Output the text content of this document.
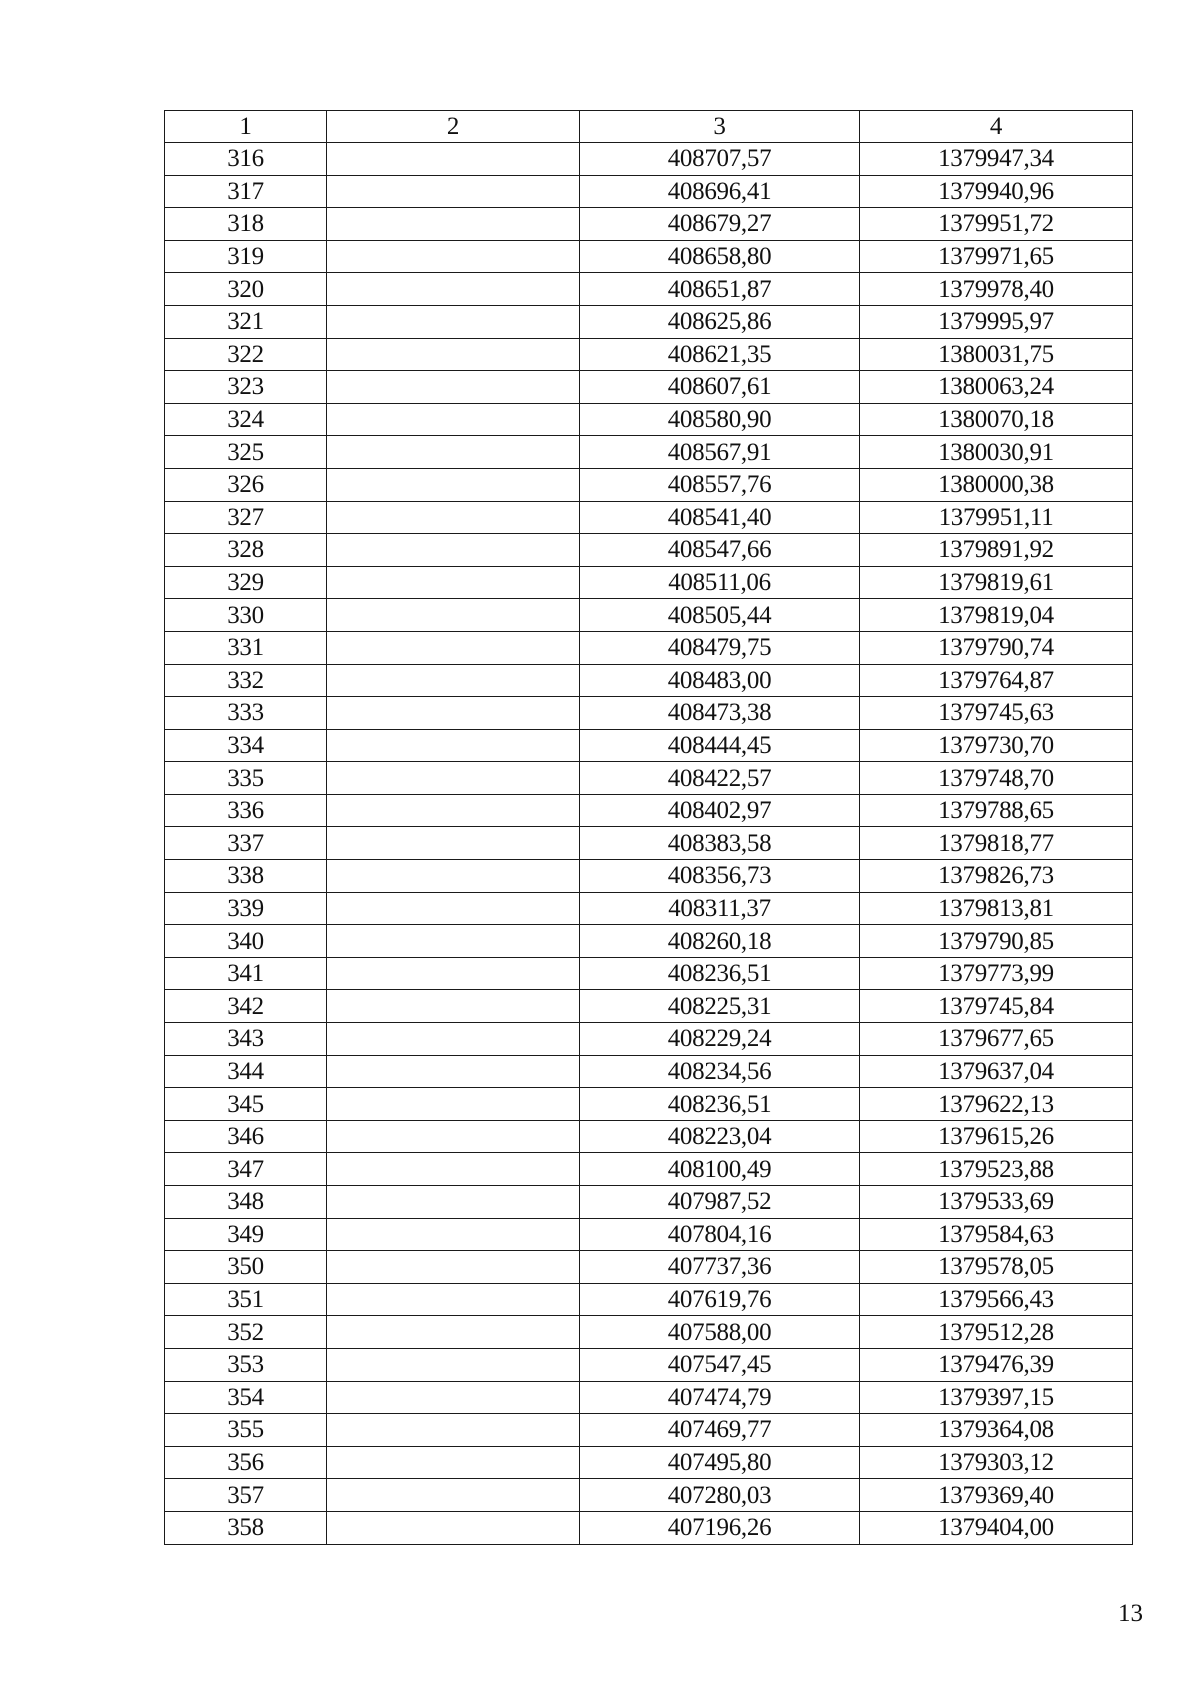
1	2	3	4
316		408707,57	1379947,34
317		408696,41	1379940,96
318		408679,27	1379951,72
319		408658,80	1379971,65
320		408651,87	1379978,40
321		408625,86	1379995,97
322		408621,35	1380031,75
323		408607,61	1380063,24
324		408580,90	1380070,18
325		408567,91	1380030,91
326		408557,76	1380000,38
327		408541,40	1379951,11
328		408547,66	1379891,92
329		408511,06	1379819,61
330		408505,44	1379819,04
331		408479,75	1379790,74
332		408483,00	1379764,87
333		408473,38	1379745,63
334		408444,45	1379730,70
335		408422,57	1379748,70
336		408402,97	1379788,65
337		408383,58	1379818,77
338		408356,73	1379826,73
339		408311,37	1379813,81
340		408260,18	1379790,85
341		408236,51	1379773,99
342		408225,31	1379745,84
343		408229,24	1379677,65
344		408234,56	1379637,04
345		408236,51	1379622,13
346		408223,04	1379615,26
347		408100,49	1379523,88
348		407987,52	1379533,69
349		407804,16	1379584,63
350		407737,36	1379578,05
351		407619,76	1379566,43
352		407588,00	1379512,28
353		407547,45	1379476,39
354		407474,79	1379397,15
355		407469,77	1379364,08
356		407495,80	1379303,12
357		407280,03	1379369,40
358		407196,26	1379404,00
13
